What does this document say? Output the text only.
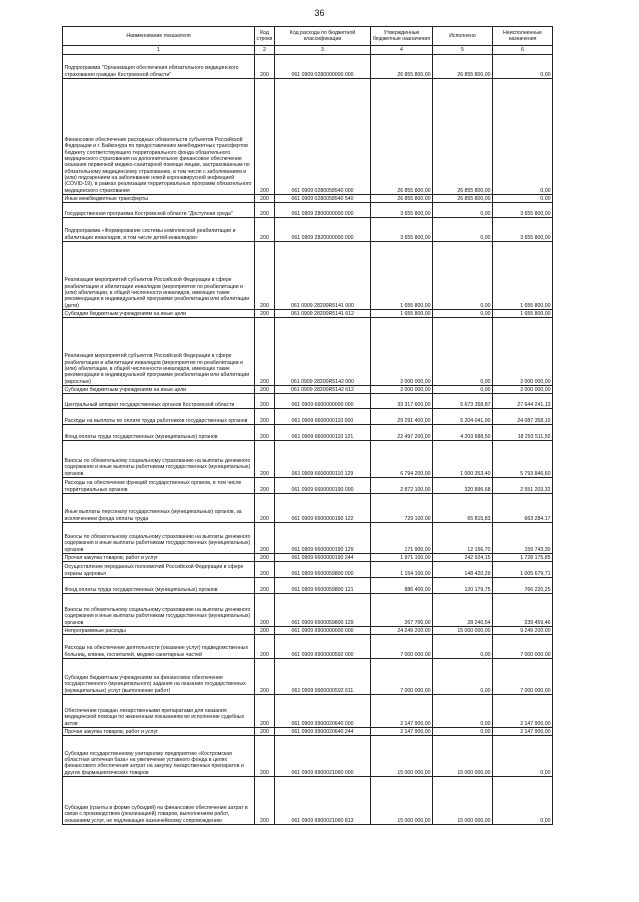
36
Наименование показателя	Код строки	Код расхода по бюджетной классификации	Утвержденные бюджетные назначения	Исполнено	Неисполненные назначения
1	2	3	4	5	6
Подпрограмма "Организация обеспечения обязательного медицинского страхования граждан Костромской области"	200	061 0909 0280000000 000	26 855 800,00	26 855 800,00	0,00
Финансовое обеспечение расходных обязательств субъектов Российской Федерации и г. Байконура по предоставлению межбюджетных трансфертов бюджету соответствующего территориального фонда обязательного медицинского страхования на дополнительное финансовое обеспечение оказания первичной медико-санитарной помощи лицам, застрахованным по обязательному медицинскому страхованию, в том числе с заболеванием и (или) подозрением на заболевание новой коронавирусной инфекцией (COVID-19), в рамках реализации территориальных программ обязательного медицинского страхования	200	061 0909 0280058540 000	26 855 800,00	26 855 800,00	0,00
Иные межбюджетные трансферты	200	061 0909 0280058540 540	26 855 800,00	26 855 800,00	0,00
Государственная программа Костромской области "Доступная среда"	200	061 0909 2800000000 000	3 655 800,00	0,00	3 655 800,00
Подпрограмма «Формирование системы комплексной реабилитации и абилитации инвалидов, в том числе детей-инвалидов»	200	061 0909 2820000000 000	3 655 800,00	0,00	3 655 800,00
Реализация мероприятий субъектов Российской Федерации в сфере реабилитации и абилитации инвалидов (мероприятия по реабилитации и (или) абилитации, в общей численности инвалидов, имеющих такие рекомендации в индивидуальной программе реабилитации или абилитации (дети)	200	061 0909 28200R5141 000	1 655 800,00	0,00	1 655 800,00
Субсидии бюджетным учреждениям на иные цели	200	061 0909 28200R5141 612	1 655 800,00	0,00	1 655 800,00
Реализация мероприятий субъектов Российской Федерации в сфере реабилитации и абилитации инвалидов (мероприятия по реабилитации и (или) абилитации, в общей численности инвалидов, имеющих такие рекомендации в индивидуальной программе реабилитации или абилитации (взрослые)	200	061 0909 28200R5142 000	2 000 000,00	0,00	2 000 000,00
Субсидии бюджетным учреждениям на иные цели	200	061 0909 28200R5142 612	2 000 000,00	0,00	2 000 000,00
Центральный аппарат государственных органов Костромской области	200	061 0909 6600000000 000	33 317 600,00	5 673 358,87	27 644 241,13
Расходы на выплаты по оплате труда работников государственных органов	200	061 0909 6600000110 000	29 291 400,00	5 204 041,90	24 087 358,10
Фонд оплаты труда государственных (муниципальных) органов	200	061 0909 6600000110 121	22 497 200,00	4 203 688,50	18 293 511,50
Взносы по обязательному социальному страхованию на выплаты денежного содержания и иные выплаты работникам государственных (муниципальных) органов	200	061 0909 6600000110 129	6 794 200,00	1 000 353,40	5 793 846,60
Расходы на обеспечение функций государственных органов, в том числе территориальных органов	200	061 0909 6600000190 000	2 872 100,00	320 896,68	2 551 203,32
Иные выплаты персоналу государственных (муниципальных) органов, за исключением фонда оплаты труда	200	061 0909 6600000190 122	729 100,00	65 815,83	663 284,17
Взносы по обязательному социальному страхованию на выплаты денежного содержания и иные выплаты работникам государственных (муниципальных) органов	200	061 0909 6600000190 129	171 900,00	12 156,70	159 743,30
Прочая закупка товаров, работ и услуг	200	061 0909 6600000190 244	1 971 100,00	242 924,15	1 728 175,85
Осуществление переданных полномочий Российской Федерации в сфере охраны здоровья	200	061 0909 6600059800 000	1 154 100,00	148 420,29	1 005 679,71
Фонд оплаты труда государственных (муниципальных) органов	200	061 0909 6600059800 121	886 400,00	120 179,75	766 220,25
Взносы по обязательному социальному страхованию на выплаты денежного содержания и иные выплаты работникам государственных (муниципальных) органов	200	061 0909 6600059800 129	267 700,00	28 240,54	239 459,46
Непрограммные расходы	200	061 0909 9900000000 000	24 249 200,00	15 000 000,00	9 249 200,00
Расходы на обеспечение деятельности (оказание услуг) подведомственных больниц, клиник, госпиталей, медико-санитарных частей	200	061 0909 9900000592 000	7 000 000,00	0,00	7 000 000,00
Субсидии бюджетным учреждениям на финансовое обеспечение государственного (муниципального) задания на оказание государственных (муниципальных) услуг (выполнение работ)	200	061 0909 9900000592 611	7 000 000,00	0,00	7 000 000,00
Обеспечение граждан лекарственными препаратами для оказания медицинской помощи по жизненным показаниям во исполнение судебных актов	200	061 0909 9900020640 000	2 147 900,00	0,00	2 147 900,00
Прочая закупка товаров, работ и услуг	200	061 0909 9900020640 244	2 147 900,00	0,00	2 147 900,00
Субсидии государственному унитарному предприятию «Костромская областная аптечная база» на увеличение уставного фонда в целях финансового обеспечения затрат на закупку лекарственных препаратов и других фармацевтических товаров	200	061 0909 9900021060 000	15 000 000,00	15 000 000,00	0,00
Субсидии (гранты в форме субсидий) на финансовое обеспечение затрат в связи с производством (реализацией) товаров, выполнением работ, оказанием услуг, не подлежащие казначейскому сопровождению	200	061 0909 9900021060 813	15 000 000,00	15 000 000,00	0,00
